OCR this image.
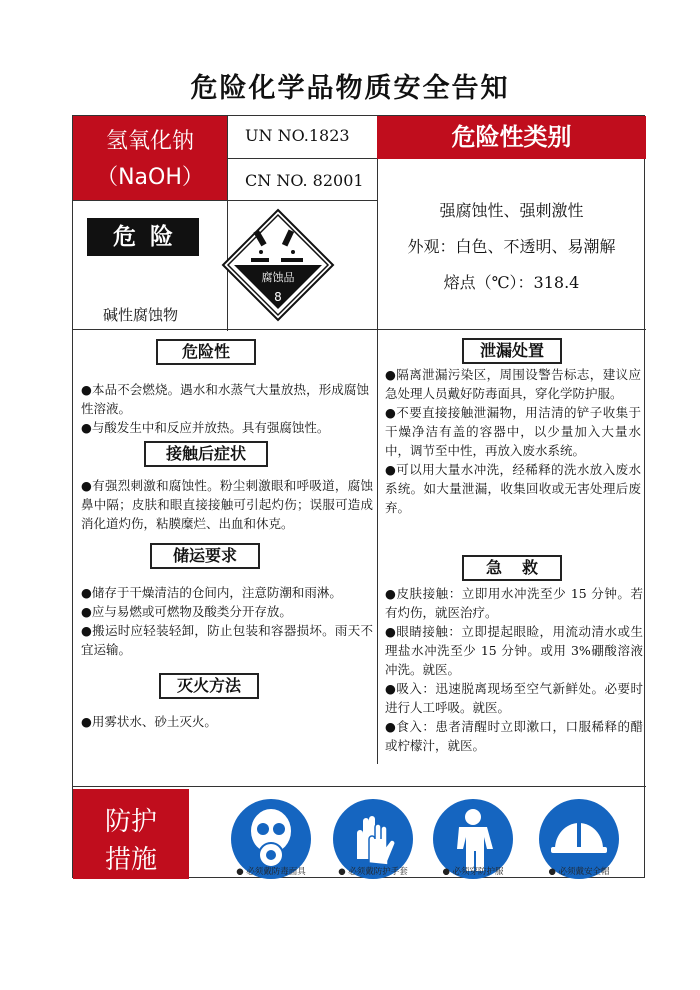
危险化学品物质安全告知
氢氧化钠
（NaOH）
UN NO.1823
CN NO. 82001
危险性类别
危险
腐蚀品
8
碱性腐蚀物
强腐蚀性、强刺激性
外观：白色、不透明、易潮解
熔点（℃）：318.4
危险性

●本品不会燃烧。遇水和水蒸气大量放热，形成腐蚀性溶液。

●与酸发生中和反应并放热。具有强腐蚀性。

接触后症状

●有强烈刺激和腐蚀性。粉尘刺激眼和呼吸道，腐蚀鼻中隔；皮肤和眼直接接触可引起灼伤；误服可造成消化道灼伤，粘膜糜烂、出血和休克。

储运要求

●储存于干燥清洁的仓间内，注意防潮和雨淋。

●应与易燃或可燃物及酸类分开存放。

●搬运时应轻装轻卸，防止包装和容器损坏。雨天不宜运输。

灭火方法

●用雾状水、砂土灭火。

泄漏处置

●隔离泄漏污染区，周围设警告标志，建议应急处理人员戴好防毒面具，穿化学防护服。

●不要直接接触泄漏物，用洁清的铲子收集于干燥净洁有盖的容器中，以少量加入大量水中，调节至中性，再放入废水系统。

●可以用大量水冲洗，经稀释的洗水放入废水系统。如大量泄漏，收集回收或无害处理后废弃。

急救

●皮肤接触：立即用水冲洗至少 15 分钟。若有灼伤，就医治疗。

●眼睛接触：立即提起眼睑，用流动清水或生理盐水冲洗至少 15 分钟。或用 3%硼酸溶液冲洗。就医。

●吸入：迅速脱离现场至空气新鲜处。必要时进行人工呼吸。就医。

●食入：患者清醒时立即漱口，口服稀释的醋或柠檬汁，就医。

防护
措施	● 必须戴防毒面具	● 必须戴防护手套	● 必须穿防护服	● 必须戴安全帽
